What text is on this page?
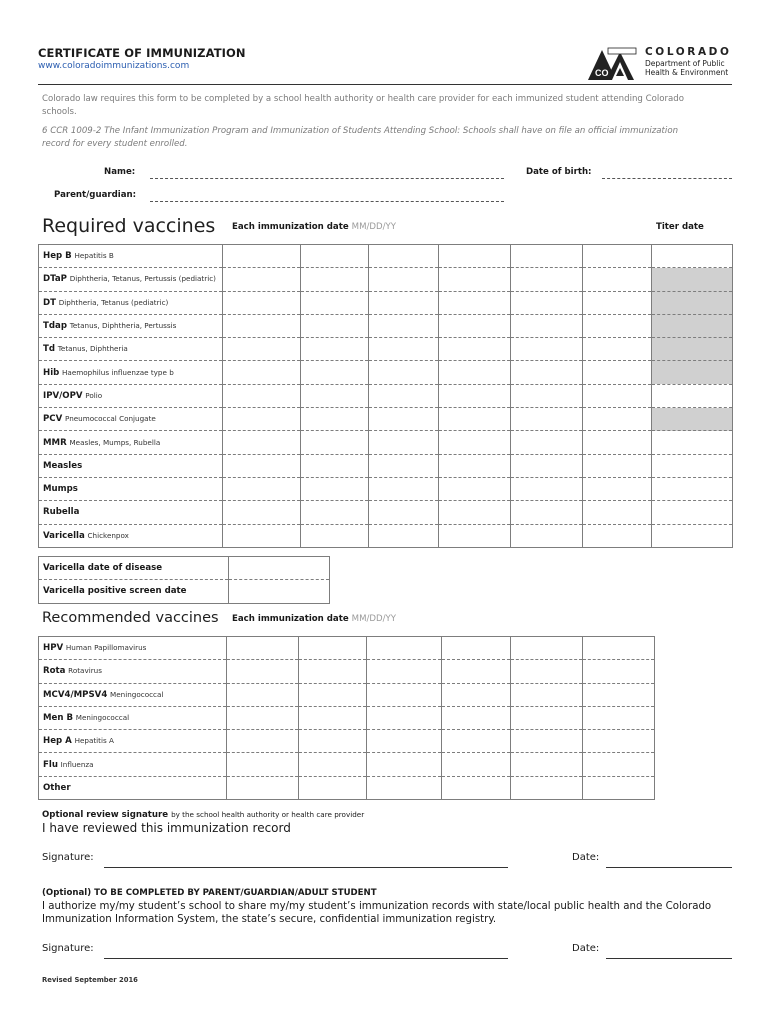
CERTIFICATE OF IMMUNIZATION
www.coloradoimmunizations.com
CO
COLORADO
Department of Public
Health & Environment
Colorado law requires this form to be completed by a school health authority or health care provider for each immunized student attending Colorado schools.
6 CCR 1009-2 The Infant Immunization Program and Immunization of Students Attending School: Schools shall have on file an official immunization record for every student enrolled.
Name:	Date of birth:
Parent/guardian:
Required vaccines Each immunization date MM/DD/YY	Titer date
Hep B Hepatitis B							
DTaP Diphtheria, Tetanus, Pertussis (pediatric)							
DT Diphtheria, Tetanus (pediatric)							
Tdap Tetanus, Diphtheria, Pertussis							
Td Tetanus, Diphtheria							
Hib Haemophilus influenzae type b							
IPV/OPV Polio							
PCV Pneumococcal Conjugate							
MMR Measles, Mumps, Rubella							
Measles							
Mumps							
Rubella							
Varicella Chickenpox							
Varicella date of disease	
Varicella positive screen date	
Recommended vaccines Each immunization date MM/DD/YY
HPV Human Papillomavirus						
Rota Rotavirus						
MCV4/MPSV4 Meningococcal						
Men B Meningococcal						
Hep A Hepatitis A						
Flu Influenza						
Other						
Optional review signature by the school health authority or health care provider
I have reviewed this immunization record
Signature:	Date:
(Optional) TO BE COMPLETED BY PARENT/GUARDIAN/ADULT STUDENT
I authorize my/my student’s school to share my/my student’s immunization records with state/local public health and the Colorado Immunization Information System, the state’s secure, confidential immunization registry.
Signature:	Date:
Revised September 2016
